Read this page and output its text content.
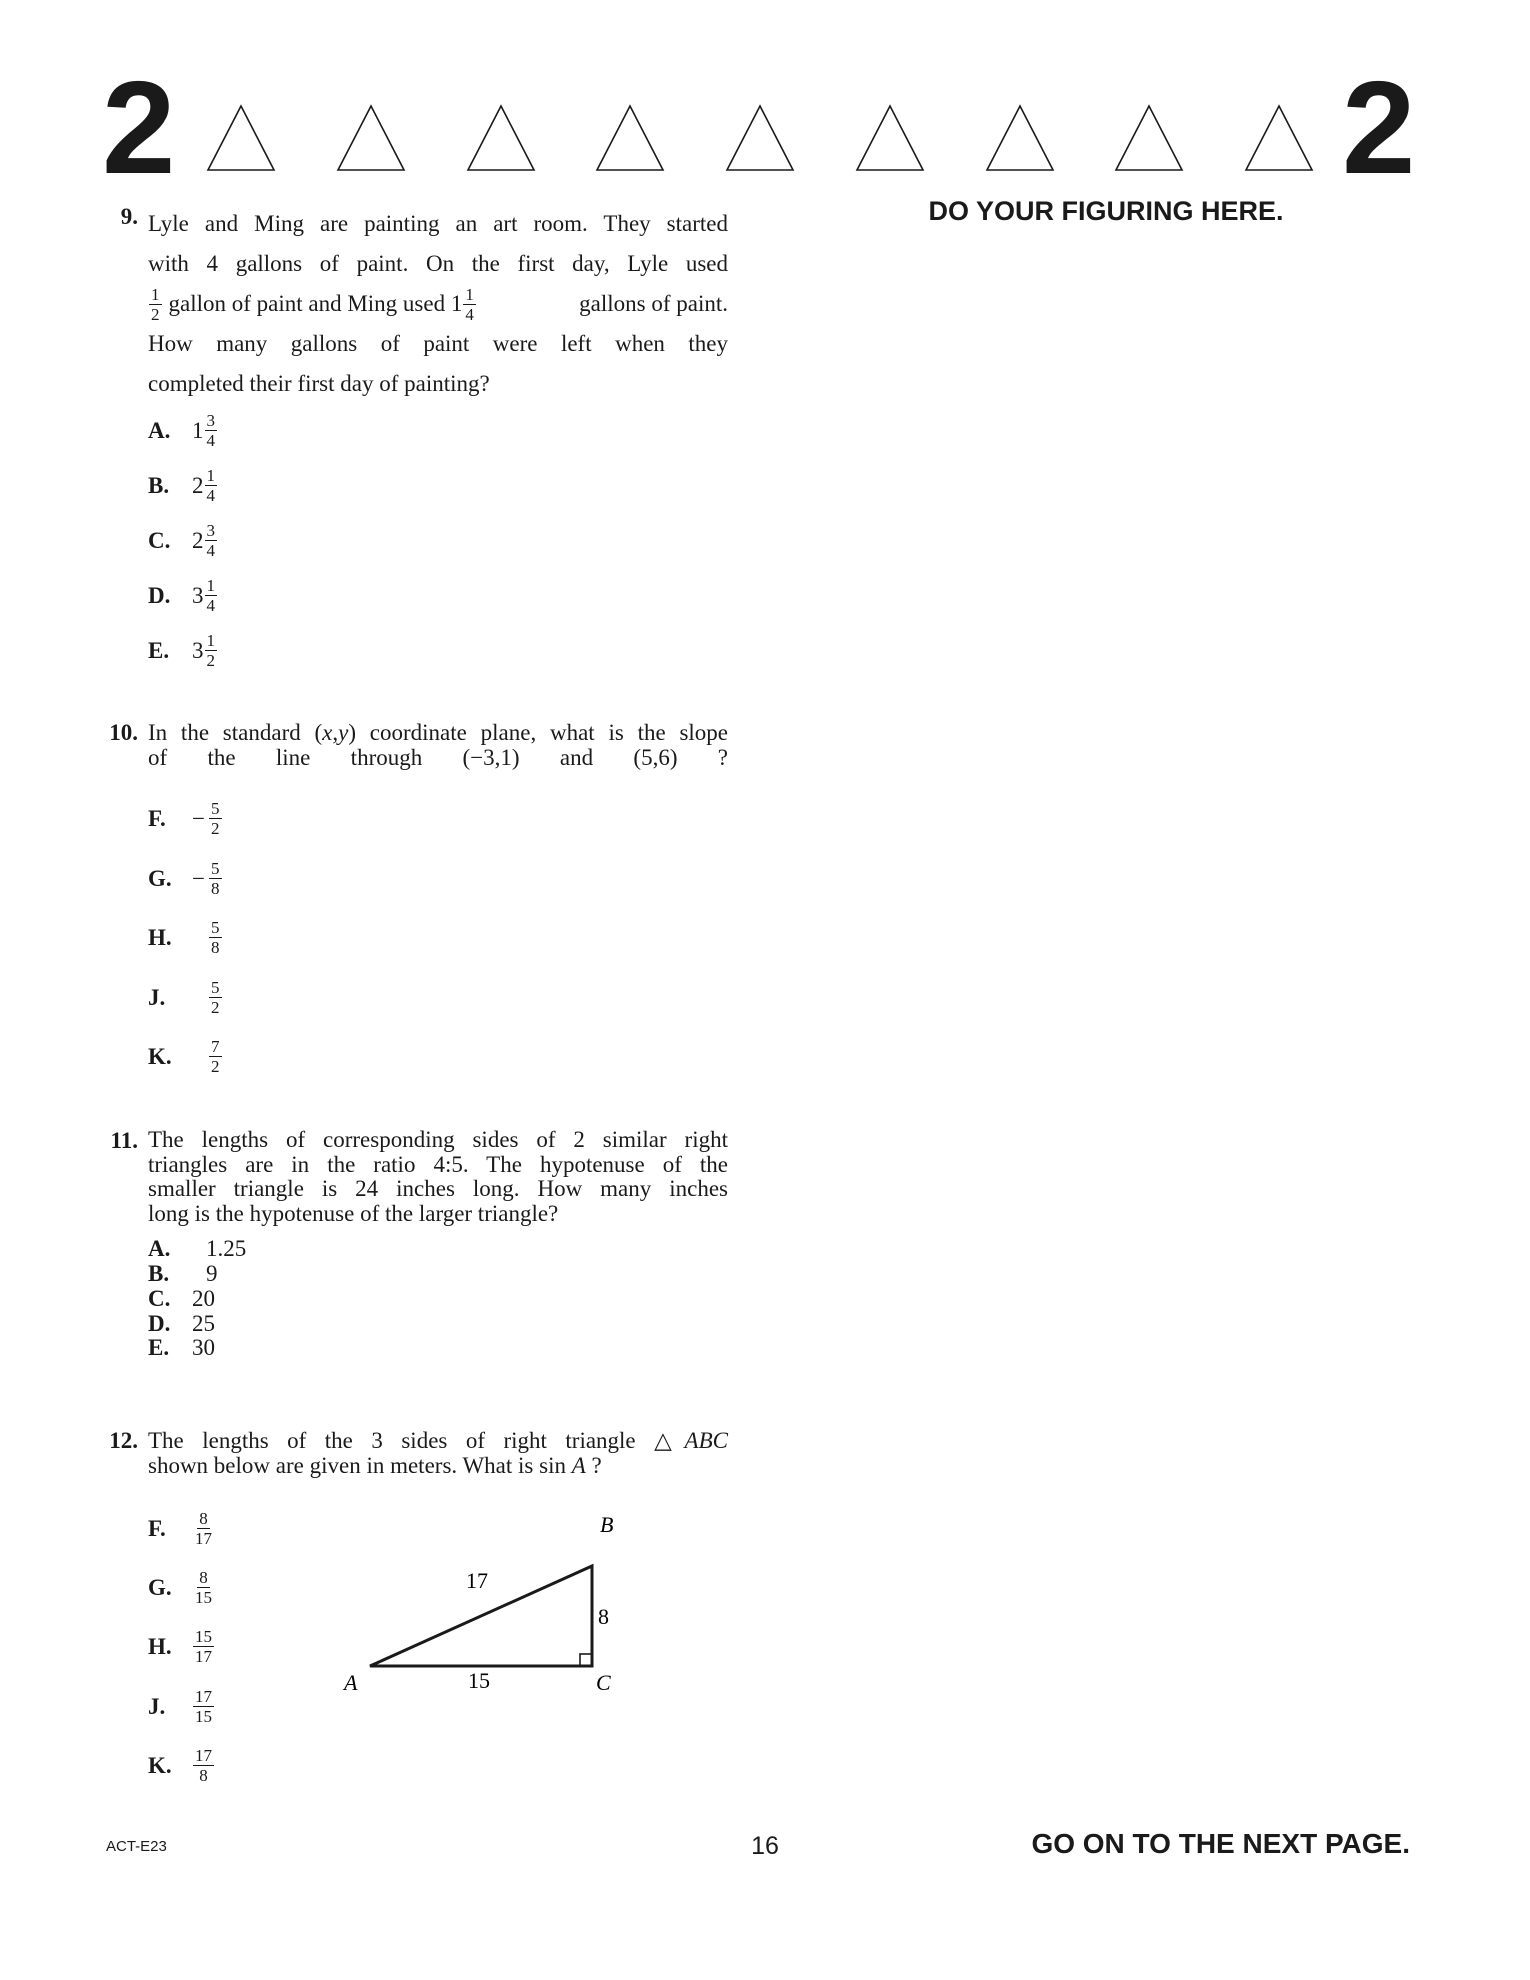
2	2
DO YOUR FIGURING HERE.
9. Lyle and Ming are painting an art room. They started
with 4 gallons of paint. On the first day, Lyle used
$\frac{1}{2}$ gallon of paint and Ming used $1 \frac{1}{4}$	gallons of paint.
How many gallons of paint were left when they
completed their first day of painting?
A. $1 \frac{3}{4}$
B. $2 \frac{1}{4}$
C. $2 \frac{3}{4}$
D. $3 \frac{1}{4}$
E. $3 \frac{1}{2}$
10. In the standard (x,y) coordinate plane, what is the slope
of the line through (−3,1) and (5,6) ?
F.	− $\frac{5}{2}$
G. − $\frac{5}{8}$
H.	$\frac{5}{8}$
J.	$\frac{5}{2}$
K.	$\frac{7}{2}$
11. The lengths of corresponding sides of 2 similar right
triangles are in the ratio 4:5. The hypotenuse of the
smaller triangle is 24 inches long. How many inches
long is the hypotenuse of the larger triangle?
A. 1.25
B. 9
C. 20
D. 25
E. 30
12. The lengths of the 3 sides of right triangle △ABC
shown below are given in meters. What is sin A ?
F.	$\frac{8}{17}$
G.	$\frac{8}{15}$
H.	$\frac{15}{17}$
J.	$\frac{17}{15}$
K.	$\frac{17}{8}$
B
A	C
17
8
15
ACT-E23	16	GO ON TO THE NEXT PAGE.
